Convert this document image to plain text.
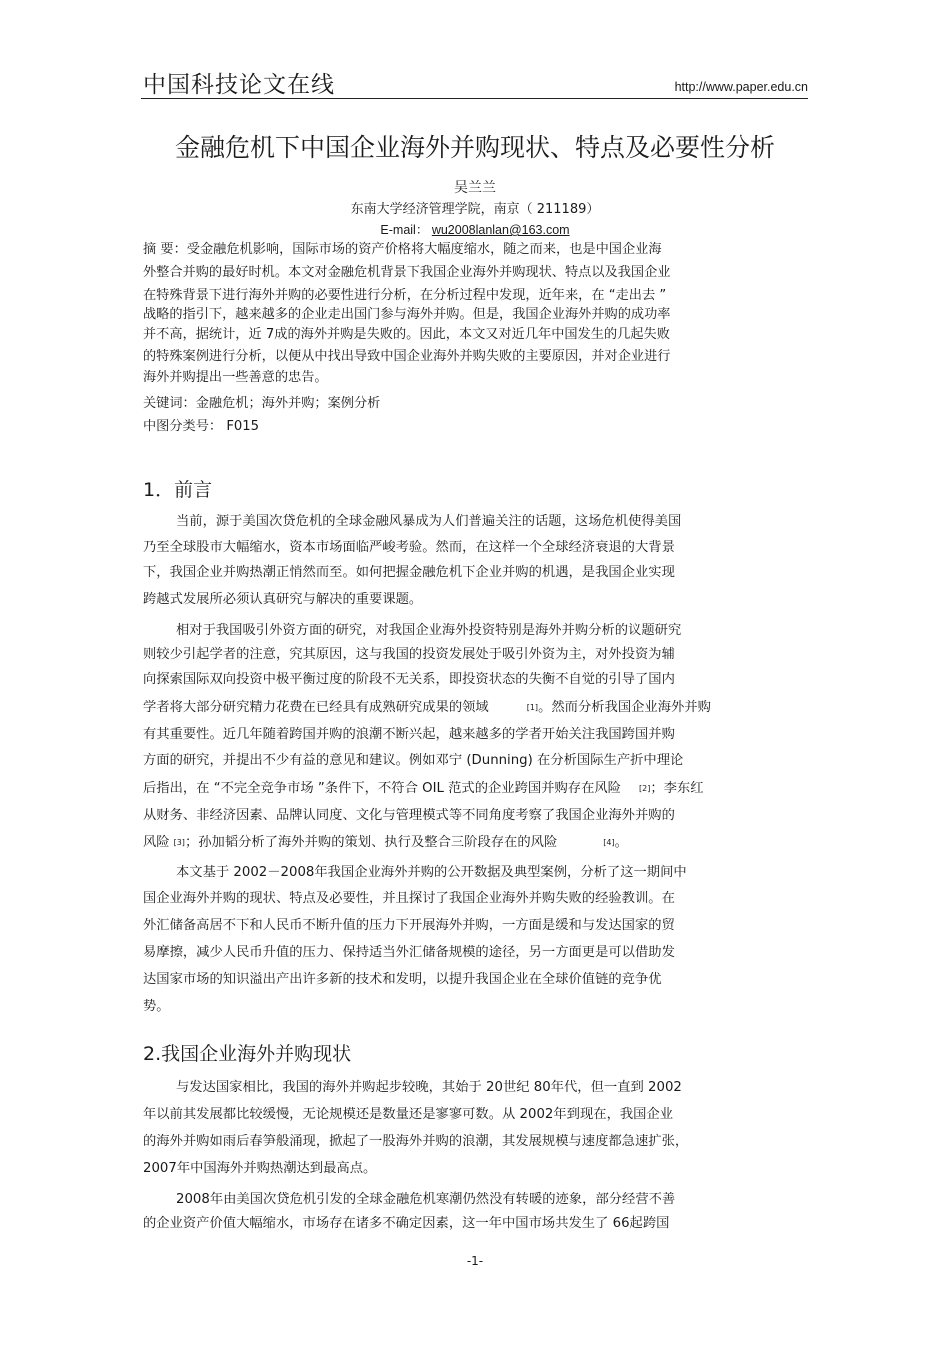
中国科技论文在线	http://www.paper.edu.cn
金融危机下中国企业海外并购现状、特点及必要性分析
吴兰兰
东南大学经济管理学院，南京（ 211189）
E-mail： wu2008lanlan@163.com
摘 要：受金融危机影响，国际市场的资产价格将大幅度缩水，随之而来，也是中国企业海
外整合并购的最好时机。本文对金融危机背景下我国企业海外并购现状、特点以及我国企业
在特殊背景下进行海外并购的必要性进行分析，在分析过程中发现，近年来，在 “走出去 ”
战略的指引下，越来越多的企业走出国门参与海外并购。但是，我国企业海外并购的成功率
并不高，据统计，近 7成的海外并购是失败的。因此，本文又对近几年中国发生的几起失败
的特殊案例进行分析，以便从中找出导致中国企业海外并购失败的主要原因，并对企业进行
海外并购提出一些善意的忠告。
关键词：金融危机；海外并购；案例分析
中图分类号： F015
1．前言
当前，源于美国次贷危机的全球金融风暴成为人们普遍关注的话题，这场危机使得美国
乃至全球股市大幅缩水，资本市场面临严峻考验。然而，在这样一个全球经济衰退的大背景
下，我国企业并购热潮正悄然而至。如何把握金融危机下企业并购的机遇，是我国企业实现
跨越式发展所必须认真研究与解决的重要课题。
相对于我国吸引外资方面的研究，对我国企业海外投资特别是海外并购分析的议题研究
则较少引起学者的注意，究其原因，这与我国的投资发展处于吸引外资为主，对外投资为辅
向探索国际双向投资中极平衡过度的阶段不无关系，即投资状态的失衡不自觉的引导了国内
学者将大部分研究精力花费在已经具有成熟研究成果的领域	[1]。然而分析我国企业海外并购
有其重要性。近几年随着跨国并购的浪潮不断兴起，越来越多的学者开始关注我国跨国并购
方面的研究，并提出不少有益的意见和建议。例如邓宁 (Dunning) 在分析国际生产折中理论
后指出，在 “不完全竞争市场 ”条件下，不符合 OIL 范式的企业跨国并购存在风险 [2]；李东红
从财务、非经济因素、品牌认同度、文化与管理模式等不同角度考察了我国企业海外并购的
风险 [3]；孙加韬分析了海外并购的策划、执行及整合三阶段存在的风险	[4]。
本文基于 2002－2008年我国企业海外并购的公开数据及典型案例，分析了这一期间中
国企业海外并购的现状、特点及必要性，并且探讨了我国企业海外并购失败的经验教训。在
外汇储备高居不下和人民币不断升值的压力下开展海外并购，一方面是缓和与发达国家的贸
易摩擦，减少人民币升值的压力、保持适当外汇储备规模的途径，另一方面更是可以借助发
达国家市场的知识溢出产出许多新的技术和发明，以提升我国企业在全球价值链的竞争优
势。
2.我国企业海外并购现状
与发达国家相比，我国的海外并购起步较晚，其始于 20世纪 80年代，但一直到 2002
年以前其发展都比较缓慢，无论规模还是数量还是寥寥可数。从 2002年到现在，我国企业
的海外并购如雨后春笋般涌现，掀起了一股海外并购的浪潮，其发展规模与速度都急速扩张，
2007年中国海外并购热潮达到最高点。
2008年由美国次贷危机引发的全球金融危机寒潮仍然没有转暖的迹象，部分经营不善
的企业资产价值大幅缩水，市场存在诸多不确定因素，这一年中国市场共发生了 66起跨国
-1-
